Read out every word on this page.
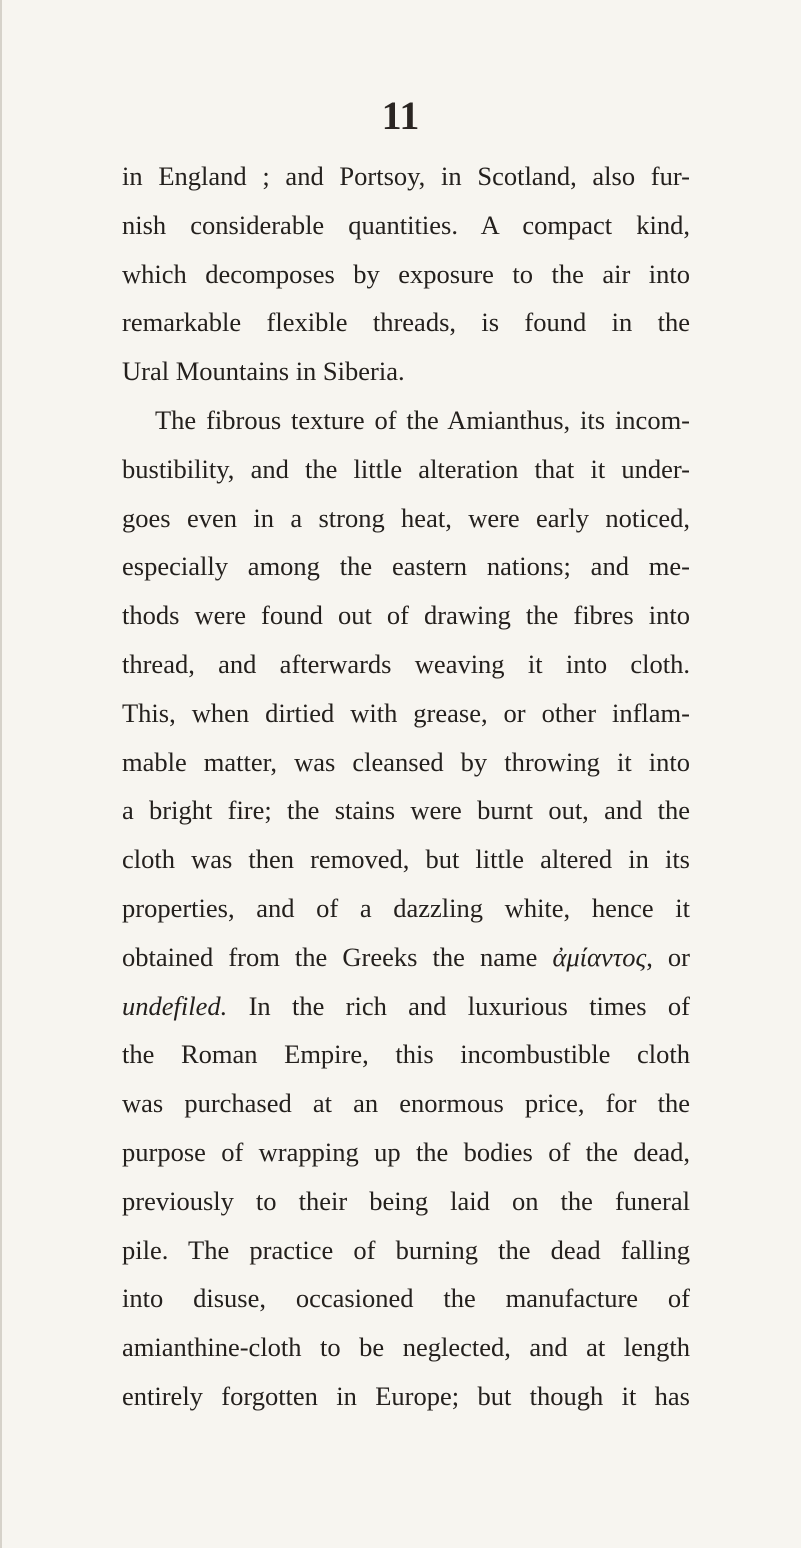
11
in England ; and Portsoy, in Scotland, also fur-
nish considerable quantities. A compact kind,
which decomposes by exposure to the air into
remarkable flexible threads, is found in the
Ural Mountains in Siberia.
The fibrous texture of the Amianthus, its incom-
bustibility, and the little alteration that it under-
goes even in a strong heat, were early noticed,
especially among the eastern nations; and me-
thods were found out of drawing the fibres into
thread, and afterwards weaving it into cloth.
This, when dirtied with grease, or other inflam-
mable matter, was cleansed by throwing it into
a bright fire; the stains were burnt out, and the
cloth was then removed, but little altered in its
properties, and of a dazzling white, hence it
obtained from the Greeks the name ἀμίαντος, or
undefiled. In the rich and luxurious times of
the Roman Empire, this incombustible cloth
was purchased at an enormous price, for the
purpose of wrapping up the bodies of the dead,
previously to their being laid on the funeral
pile. The practice of burning the dead falling
into disuse, occasioned the manufacture of
amianthine-cloth to be neglected, and at length
entirely forgotten in Europe; but though it has
